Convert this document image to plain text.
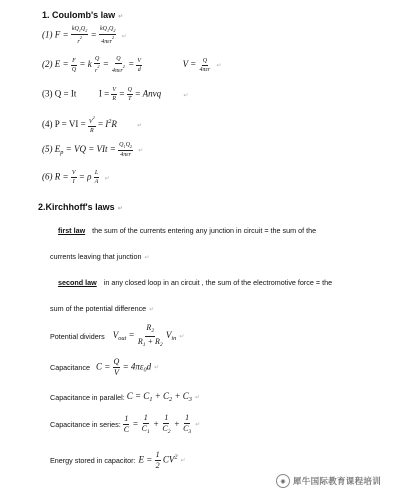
1. Coulomb's law ↵
(1) $F = \frac{kQ_1Q_2}{r^2} = \frac{kQ_1Q_2}{4\pi\varepsilon r^2}$ ↵
(2) $E = \frac{F}{Q} = k \frac{Q}{r^2} = \frac{Q}{4\pi\varepsilon r^2} = \frac{V}{d}$	$V = \frac{Q}{\text{4πεr}}$ ↵
(3) Q = It  $I = \frac{V}{R} = \frac{Q}{T}$ = Anvq	↵
(4) P = VI = $\frac{V^2}{R} = I^2R$	↵
(5) $E_p$ = VQ = VIt = $\frac{Q_1Q_2}{\text{4πεr}}$ ↵
(6) $R = \frac{V}{I} = \rho \frac{L}{A}$ ↵
2.Kirchhoff's laws ↵
first law the sum of the currents entering any junction in circuit = the sum of the
currents leaving that junction ↵
second law in any closed loop in an circuit , the sum of the electromotive force = the
sum of the potential difference ↵
Potential dividers $V_{out} = \frac{R_2}{R_1 + R_2} V_{in}$ ↵
Capacitance $C = \frac{Q}{V} = 4\pi\varepsilon_0d$ ↵
Capacitance in parallel: $C = C_1 + C_2 + C_3$ ↵
Capacitance in series: $\frac{1}{C} = \frac{1}{C_1} + \frac{1}{C_2} + \frac{1}{C_3}$ ↵
Energy stored in capacitor: $E = \frac{1}{2} CV^2$
↵
◉ 犀牛国际教育课程培训
